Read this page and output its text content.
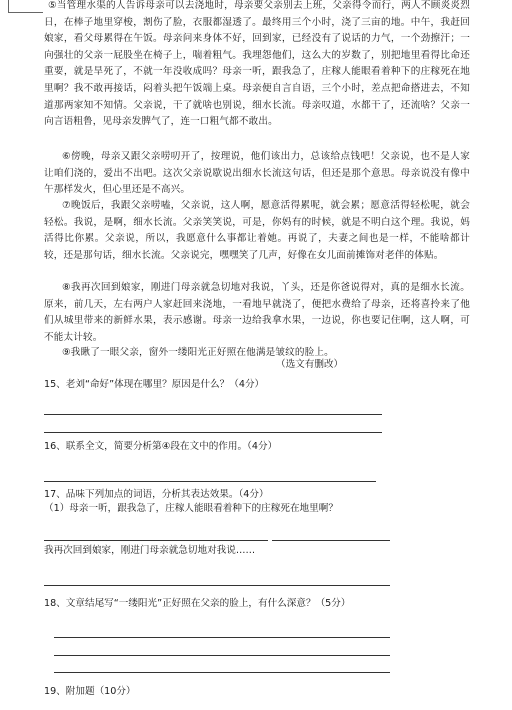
⑤当管理水渠的人告诉母亲可以去浇地时，母亲要父亲别去上班，父亲得令而行，两人不顾炎炎烈日，在棒子地里穿梭，割伤了脸，衣服都湿透了。最终用三个小时，浇了三亩的地。中午，我赶回娘家，看父母累得在午饭。母亲问来身体不好，回到家，已经没有了说话的力气，一个劲擦汗；一向强壮的父亲一屁股坐在椅子上，喘着粗气。我埋怨他们，这么大的岁数了，别把地里看得比命还重要，就是旱死了，不就一年没收成吗？母亲一听，跟我急了，庄稼人能眼看着种下的庄稼死在地里啊？我不敢再接话，闷着头把午饭端上桌。母亲便自言自语，三个小时，差点把命搭进去，不知道那两家知不知情。父亲说，干了就啥也别说，细水长流。母亲叹道，水都干了，还流啥？父亲一向言语粗鲁，见母亲发脾气了，连一口粗气都不敢出。

⑥傍晚，母亲又跟父亲唠叨开了，按理说，他们该出力，总该给点钱吧！父亲说，也不是人家让咱们浇的，爱出不出吧。这次父亲说歇说出细水长流这句话，但还是那个意思。母亲说没有像中午那样发火，但心里还是不高兴。

⑦晚饭后，我跟父亲唠嗑，父亲说，这人啊，愿意活得累呢，就会累；愿意活得轻松呢，就会轻松。我说，是啊，细水长流。父亲笑笑说，可是，你妈有的时候，就是不明白这个理。我说，妈活得比你累。父亲说，所以，我愿意什么事都让着她。再说了，夫妻之间也是一样，不能啥都计较，还是那句话，细水长流。父亲说完，嘿嘿笑了几声，好像在女儿面前摊饰对老伴的体贴。

⑧我再次回到娘家，刚进门母亲就急切地对我说，丫头，还是你爸说得对，真的是细水长流。原来，前几天，左右两户人家赶回来浇地，一看地早就浇了，便把水费给了母亲，还将喜拎来了他们从城里带来的新鲜水果，表示感谢。母亲一边给我拿水果，一边说，你也要记住啊，这人啊，可不能太计较。

⑨我瞅了一眼父亲，窗外一缕阳光正好照在他满是皱纹的脸上。

（选文有删改）
15、老刘“命好”体现在哪里？原因是什么？（4分）
16、联系全文，简要分析第④段在文中的作用。（4分）
17、品味下列加点的词语，分析其表达效果。（4分）
（1）母亲一听，跟我急了，庄稼人能眼看着种下的庄稼死在地里啊？
我再次回到娘家，刚进门母亲就急切地对我说……
18、文章结尾写“一缕阳光”正好照在父亲的脸上，有什么深意？（5分）
19、附加题（10分）
